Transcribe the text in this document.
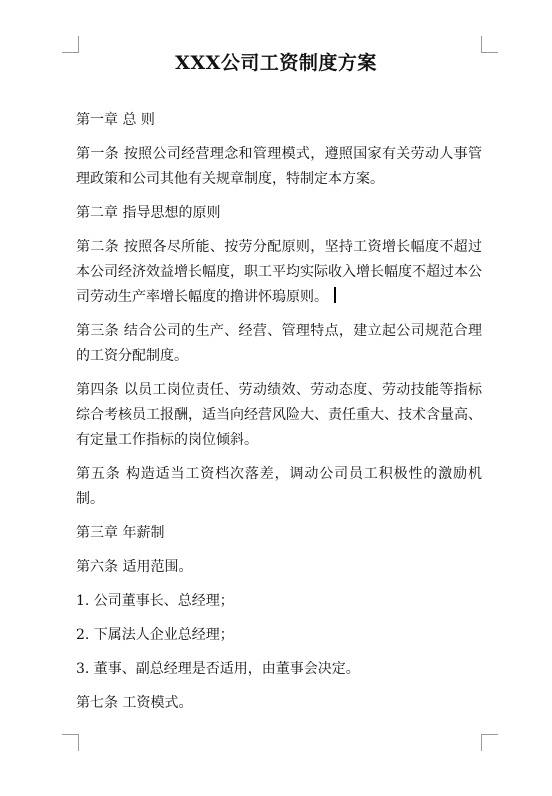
XXX公司工资制度方案

第一章 总 则

第一条 按照公司经营理念和管理模式，遵照国家有关劳动人事管理政策和公司其他有关规章制度，特制定本方案。

第二章 指导思想的原则

第二条 按照各尽所能、按劳分配原则，坚持工资增长幅度不超过本公司经济效益增长幅度，职工平均实际收入增长幅度不超过本公司劳动生产率增长幅度的撸讲怀瑦原则。

第三条 结合公司的生产、经营、管理特点，建立起公司规范合理的工资分配制度。

第四条 以员工岗位责任、劳动绩效、劳动态度、劳动技能等指标综合考核员工报酬，适当向经营风险大、责任重大、技术含量高、有定量工作指标的岗位倾斜。

第五条 构造适当工资档次落差，调动公司员工积极性的激励机制。

第三章 年薪制

第六条 适用范围。

1. 公司董事长、总经理；

2. 下属法人企业总经理；

3. 董事、副总经理是否适用，由董事会决定。

第七条 工资模式。
